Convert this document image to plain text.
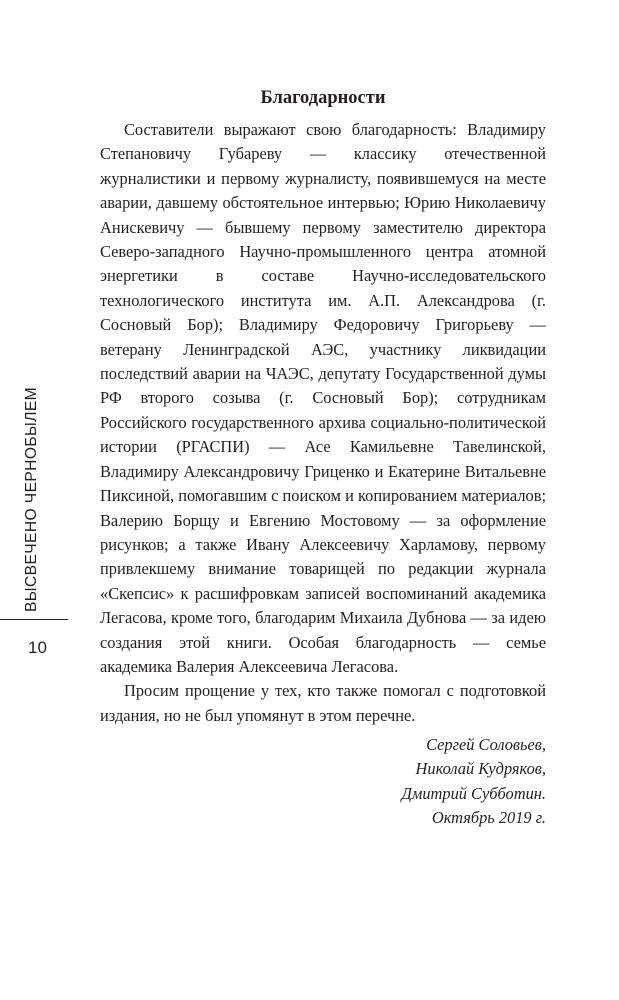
ВЫСВЕЧЕНО ЧЕРНОБЫЛЕМ
10
Благодарности

Составители выражают свою благодарность: Владимиру Степановичу Губареву — классику отечественной журналистики и первому журналисту, появившемуся на месте аварии, давшему обстоятельное интервью; Юрию Николаевичу Анискевичу — бывшему первому заместителю директора Северо-западного Научно-промышленного центра атомной энергетики в составе Научно-исследовательского технологического института им. А.П. Александрова (г. Сосновый Бор); Владимиру Федоровичу Григорьеву — ветерану Ленинградской АЭС, участнику ликвидации последствий аварии на ЧАЭС, депутату Государственной думы РФ второго созыва (г. Сосновый Бор); сотрудникам Российского государственного архива социально-политической истории (РГАСПИ) — Асе Камильевне Тавелинской, Владимиру Александровичу Гриценко и Екатерине Витальевне Пиксиной, помогавшим с поиском и копированием материалов; Валерию Борщу и Евгению Мостовому — за оформление рисунков; а также Ивану Алексеевичу Харламову, первому привлекшему внимание товарищей по редакции журнала «Скепсис» к расшифровкам записей воспоминаний академика Легасова, кроме того, благодарим Михаила Дубнова — за идею создания этой книги. Особая благодарность — семье академика Валерия Алексеевича Легасова.

Просим прощение у тех, кто также помогал с подготовкой издания, но не был упомянут в этом перечне.

Сергей Соловьев,
Николай Кудряков,
Дмитрий Субботин.
Октябрь 2019 г.
